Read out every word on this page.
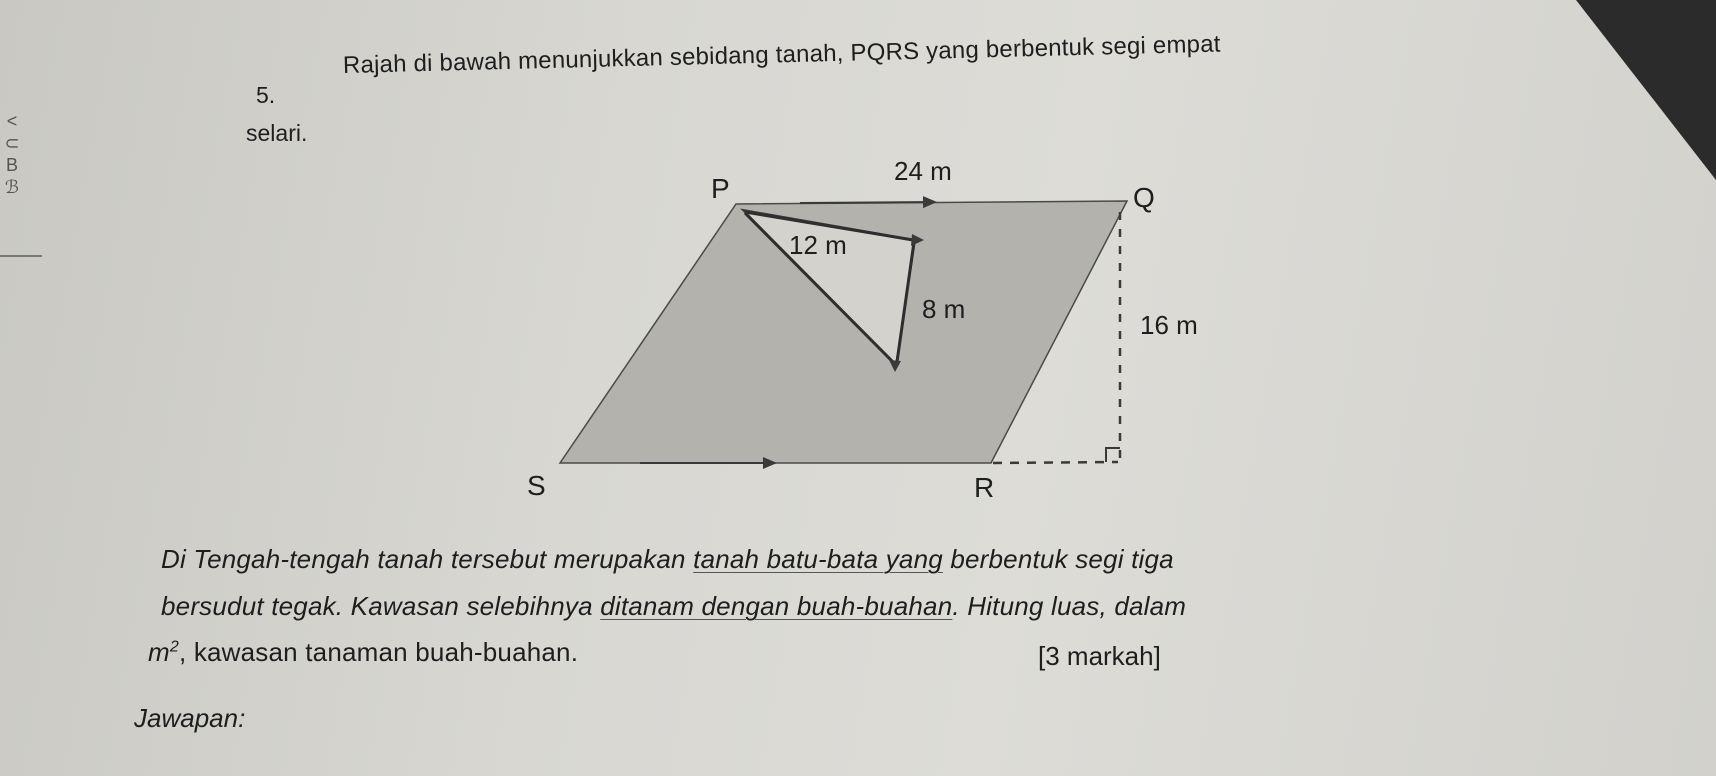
<
⊂
B
ℬ
5.
Rajah di bawah menunjukkan sebidang tanah, PQRS yang berbentuk segi empat
selari.
P	Q
R
S
24 m
12 m
8 m
16 m
Di Tengah-tengah tanah tersebut merupakan tanah batu-bata yang berbentuk segi tiga
bersudut tegak. Kawasan selebihnya ditanam dengan buah-buahan. Hitung luas, dalam
$m^2$, kawasan tanaman buah-buahan.	[3 markah]
Jawapan:
